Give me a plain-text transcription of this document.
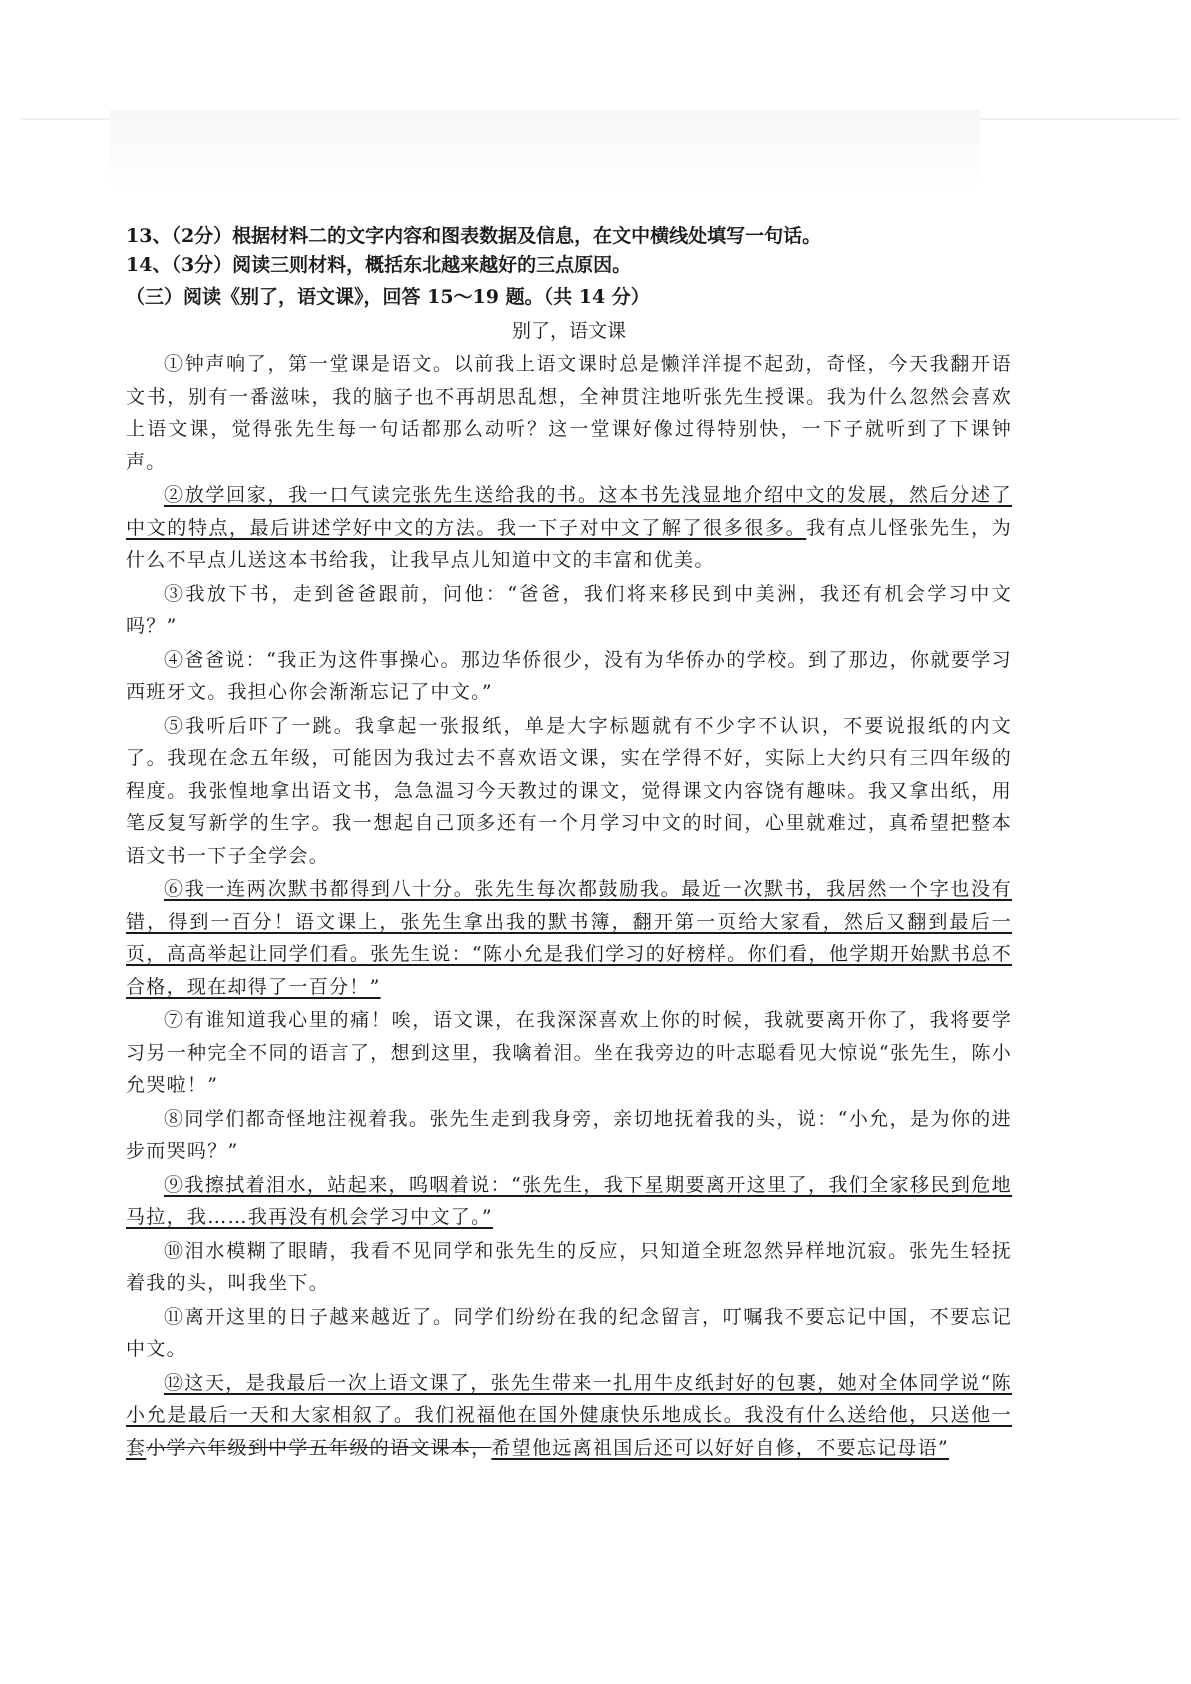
13、（2分）根据材料二的文字内容和图表数据及信息，在文中横线处填写一句话。
14、（3分）阅读三则材料，概括东北越来越好的三点原因。
（三）阅读《别了，语文课》，回答 15～19 题。（共 14 分）
别了，语文课

①钟声响了，第一堂课是语文。以前我上语文课时总是懒洋洋提不起劲，奇怪，今天我翻开语文书，别有一番滋味，我的脑子也不再胡思乱想，全神贯注地听张先生授课。我为什么忽然会喜欢上语文课，觉得张先生每一句话都那么动听？这一堂课好像过得特别快，一下子就听到了下课钟声。

②放学回家，我一口气读完张先生送给我的书。这本书先浅显地介绍中文的发展，然后分述了中文的特点，最后讲述学好中文的方法。我一下子对中文了解了很多很多。我有点儿怪张先生，为什么不早点儿送这本书给我，让我早点儿知道中文的丰富和优美。

③我放下书，走到爸爸跟前，问他：“爸爸，我们将来移民到中美洲，我还有机会学习中文吗？”

④爸爸说：“我正为这件事操心。那边华侨很少，没有为华侨办的学校。到了那边，你就要学习西班牙文。我担心你会渐渐忘记了中文。”

⑤我听后吓了一跳。我拿起一张报纸，单是大字标题就有不少字不认识，不要说报纸的内文了。我现在念五年级，可能因为我过去不喜欢语文课，实在学得不好，实际上大约只有三四年级的程度。我张惶地拿出语文书，急急温习今天教过的课文，觉得课文内容饶有趣味。我又拿出纸，用笔反复写新学的生字。我一想起自己顶多还有一个月学习中文的时间，心里就难过，真希望把整本语文书一下子全学会。

⑥我一连两次默书都得到八十分。张先生每次都鼓励我。最近一次默书，我居然一个字也没有错，得到一百分！语文课上，张先生拿出我的默书簿，翻开第一页给大家看，然后又翻到最后一页，高高举起让同学们看。张先生说：“陈小允是我们学习的好榜样。你们看，他学期开始默书总不合格，现在却得了一百分！”

⑦有谁知道我心里的痛！唉，语文课，在我深深喜欢上你的时候，我就要离开你了，我将要学习另一种完全不同的语言了，想到这里，我噙着泪。坐在我旁边的叶志聪看见大惊说“张先生，陈小允哭啦！”

⑧同学们都奇怪地注视着我。张先生走到我身旁，亲切地抚着我的头，说：“小允，是为你的进步而哭吗？”

⑨我擦拭着泪水，站起来，呜咽着说：“张先生，我下星期要离开这里了，我们全家移民到危地马拉，我……我再没有机会学习中文了。”

⑩泪水模糊了眼睛，我看不见同学和张先生的反应，只知道全班忽然异样地沉寂。张先生轻抚着我的头，叫我坐下。

⑪离开这里的日子越来越近了。同学们纷纷在我的纪念留言，叮嘱我不要忘记中国，不要忘记中文。

⑫这天，是我最后一次上语文课了，张先生带来一扎用牛皮纸封好的包裹，她对全体同学说“陈小允是最后一天和大家相叙了。我们祝福他在国外健康快乐地成长。我没有什么送给他，只送他一套小学六年级到中学五年级的语文课本，希望他远离祖国后还可以好好自修，不要忘记母语”
